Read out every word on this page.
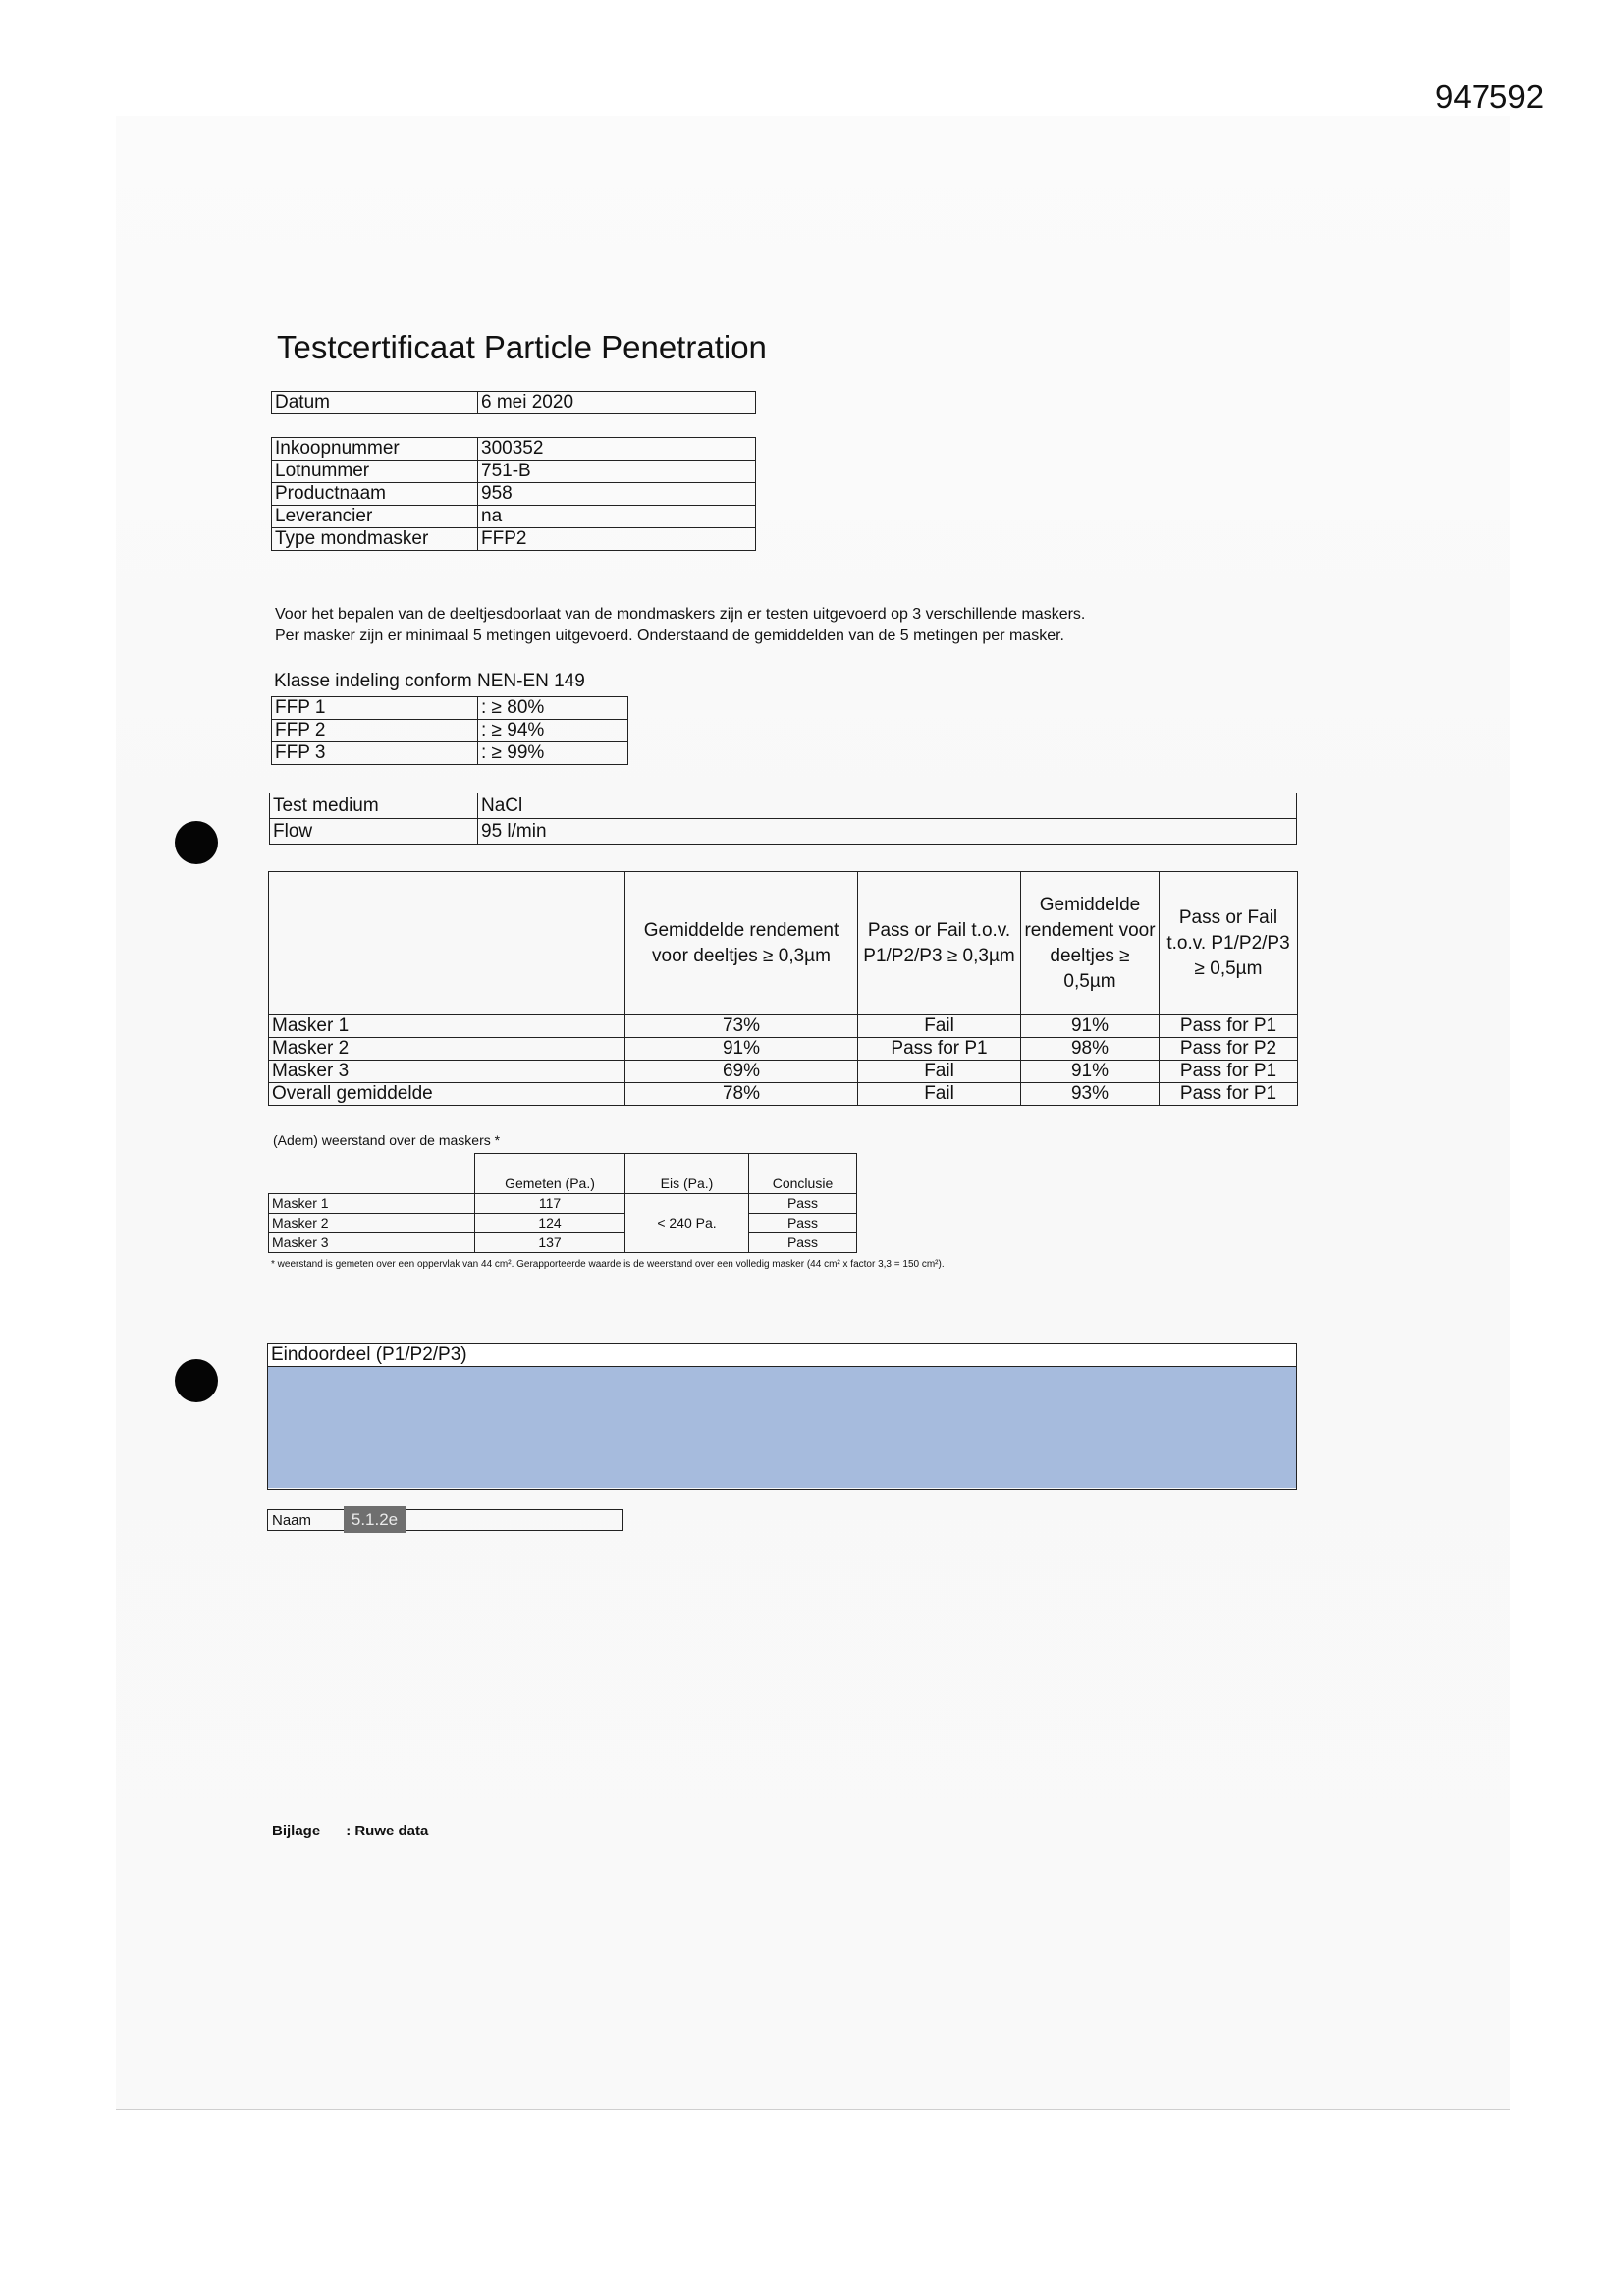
947592
Testcertificaat Particle Penetration
Datum	6 mei 2020
Inkoopnummer	300352
Lotnummer	751-B
Productnaam	958
Leverancier	na
Type mondmasker	FFP2
Voor het bepalen van de deeltjesdoorlaat van de mondmaskers zijn er testen uitgevoerd op 3 verschillende maskers.
Per masker zijn er minimaal 5 metingen uitgevoerd. Onderstaand de gemiddelden van de 5 metingen per masker.
Klasse indeling conform NEN-EN 149
FFP 1	: ≥ 80%
FFP 2	: ≥ 94%
FFP 3	: ≥ 99%
Test medium	NaCl
Flow	95 l/min
	Gemiddelde rendement voor deeltjes ≥ 0,3µm	Pass or Fail t.o.v. P1/P2/P3 ≥ 0,3µm	Gemiddelde rendement voor deeltjes ≥ 0,5µm	Pass or Fail t.o.v. P1/P2/P3 ≥ 0,5µm
Masker 1	73%	Fail	91%	Pass for P1
Masker 2	91%	Pass for P1	98%	Pass for P2
Masker 3	69%	Fail	91%	Pass for P1
Overall gemiddelde	78%	Fail	93%	Pass for P1
(Adem) weerstand over de maskers *
	Gemeten (Pa.)	Eis (Pa.)	Conclusie
Masker 1	117	< 240 Pa.	Pass
Masker 2	124		Pass
Masker 3	137		Pass
* weerstand is gemeten over een oppervlak van 44 cm². Gerapporteerde waarde is de weerstand over een volledig masker (44 cm² x factor 3,3 = 150 cm²).
Eindoordeel (P1/P2/P3)
Naam	5.1.2e
Bijlage : Ruwe data
